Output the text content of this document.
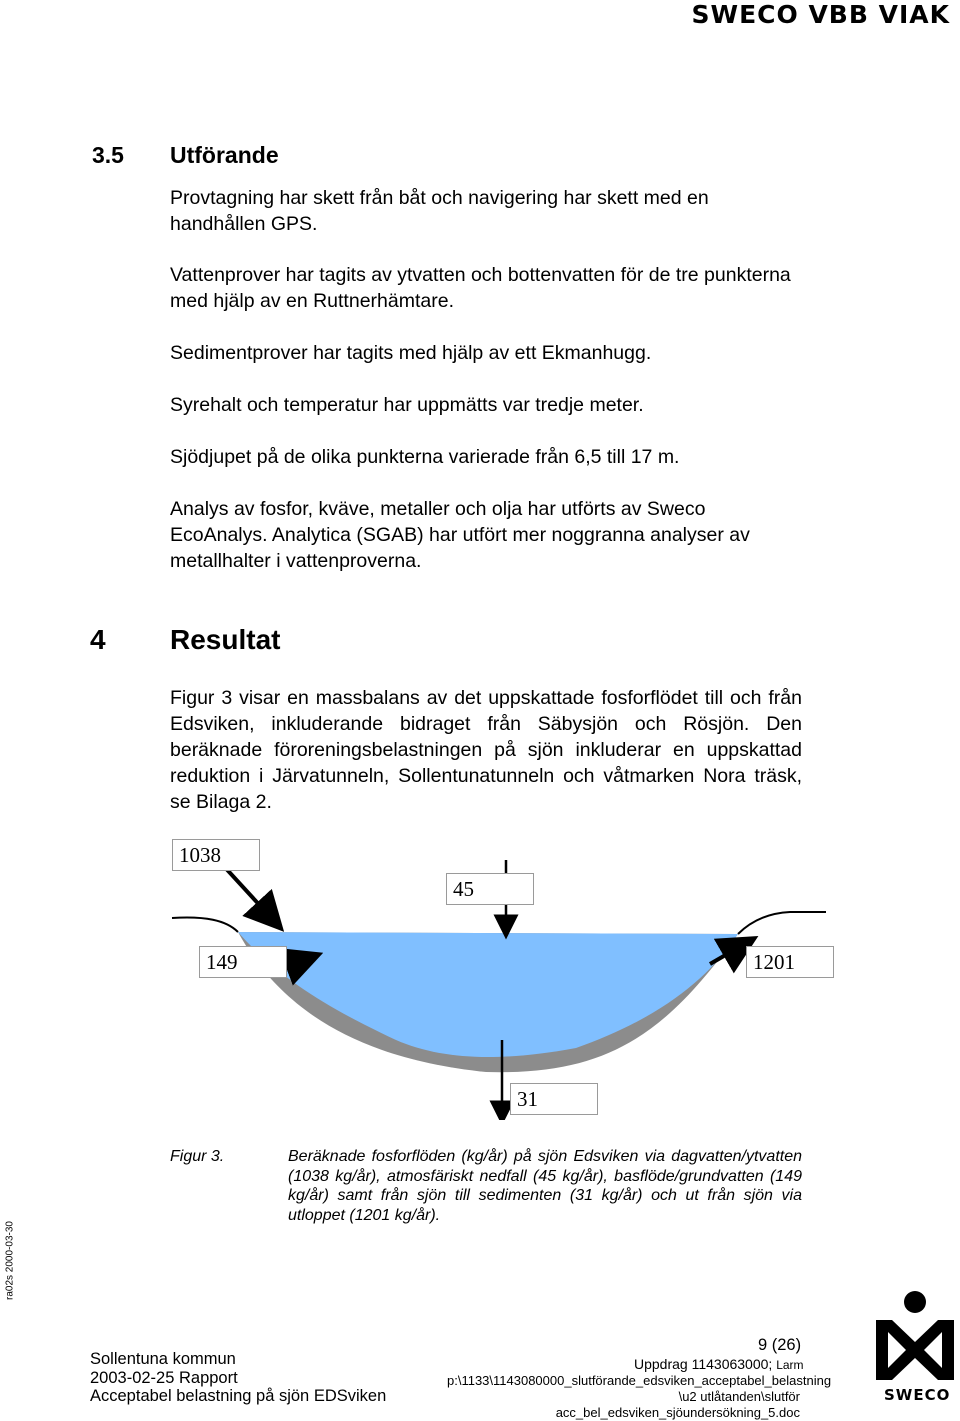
SWECO VBB VIAK
3.5 Utförande
Provtagning har skett från båt och navigering har skett med en handhållen GPS.
Vattenprover har tagits av ytvatten och bottenvatten för de tre punkterna med hjälp av en Ruttnerhämtare.
Sedimentprover har tagits med hjälp av ett Ekmanhugg.
Syrehalt och temperatur har uppmätts var tredje meter.
Sjödjupet på de olika punkterna varierade från 6,5 till 17 m.
Analys av fosfor, kväve, metaller och olja har utförts av Sweco EcoAnalys. Analytica (SGAB) har utfört mer noggranna analyser av metallhalter i vattenproverna.
4 Resultat
Figur 3 visar en massbalans av det uppskattade fosforflödet till och från Edsviken, inkluderande bidraget från Säbysjön och Rösjön. Den beräknade föroreningsbelastningen på sjön inkluderar en uppskattad reduktion i Järvatunneln, Sollentunatunneln och våtmarken Nora träsk, se Bilaga 2.
1038
45
149	1201
31
Figur 3.	Beräknade fosforflöden (kg/år) på sjön Edsviken via dagvatten/ytvatten (1038 kg/år), atmosfäriskt nedfall (45 kg/år), basflöde/grundvatten (149 kg/år) samt från sjön till sedimenten (31 kg/år) och ut från sjön via utloppet (1201 kg/år).
ra02s 2000-03-30
9 (26)
Sollentuna kommun
2003-02-25 Rapport
Acceptabel belastning på sjön EDSviken
Uppdrag 1143063000; Larm
p:\1133\1143080000_slutförande_edsviken_acceptabel_belastning
\u2 utlåtanden\slutför acc_bel_edsviken_sjöundersökning_5.doc
SWECO
